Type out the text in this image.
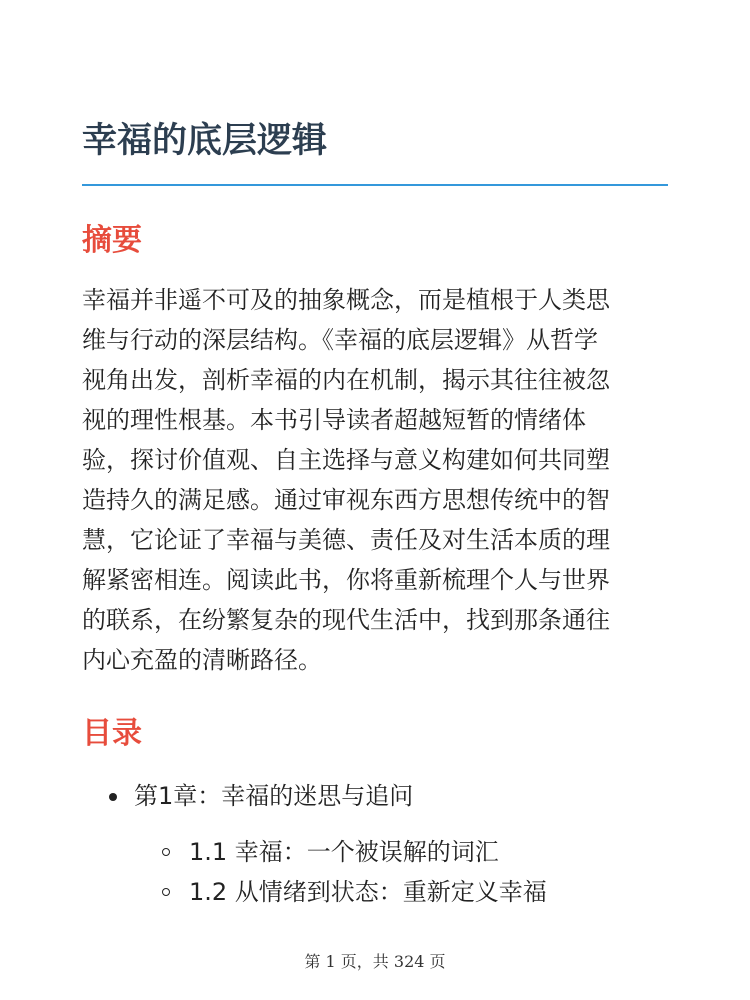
幸福的底层逻辑
摘要

幸福并非遥不可及的抽象概念，而是植根于人类思
维与行动的深层结构。《幸福的底层逻辑》从哲学
视角出发，剖析幸福的内在机制，揭示其往往被忽
视的理性根基。本书引导读者超越短暂的情绪体
验，探讨价值观、自主选择与意义构建如何共同塑
造持久的满足感。通过审视东西方思想传统中的智
慧，它论证了幸福与美德、责任及对生活本质的理
解紧密相连。阅读此书，你将重新梳理个人与世界
的联系，在纷繁复杂的现代生活中，找到那条通往
内心充盈的清晰路径。

目录
第1章：幸福的迷思与追问
1.1 幸福：一个被误解的词汇
1.2 从情绪到状态：重新定义幸福
第 1 页，共 324 页
